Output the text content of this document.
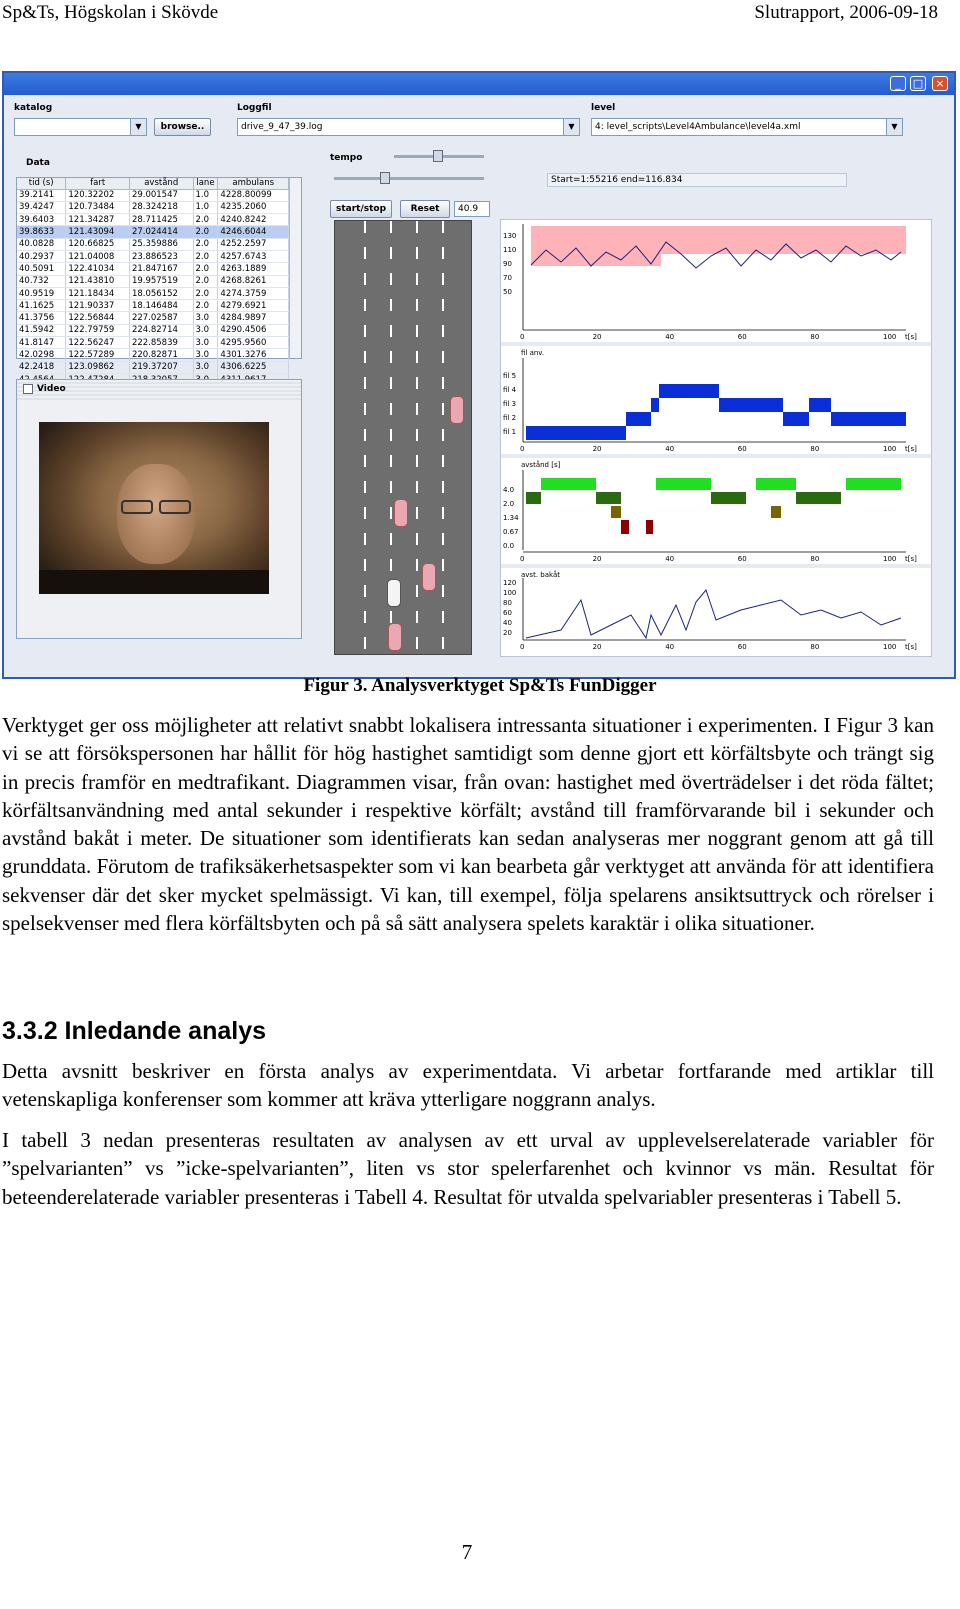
Sp&Ts, Högskolan i Skövde	Slutrapport, 2006-09-18
_	□	×
katalog
▼	browse..
Loggfil
drive_9_47_39.log	▼
level
4: level_scripts\Level4Ambulance\level4a.xml	▼
Data
tid (s)	fart	avstånd	lane	ambulans
39.2141	120.32202	29.001547	1.0	4228.80099
39.4247	120.73484	28.324218	1.0	4235.2060
39.6403	121.34287	28.711425	2.0	4240.8242
39.8633	121.43094	27.024414	2.0	4246.6044
40.0828	120.66825	25.359886	2.0	4252.2597
40.2937	121.04008	23.886523	2.0	4257.6743
40.5091	122.41034	21.847167	2.0	4263.1889
40.732	121.43810	19.957519	2.0	4268.8261
40.9519	121.18434	18.056152	2.0	4274.3759
41.1625	121.90337	18.146484	2.0	4279.6921
41.3756	122.56844	227.02587	3.0	4284.9897
41.5942	122.79759	224.82714	3.0	4290.4506
41.8147	122.56247	222.85839	3.0	4295.9560
42.0298	122.57289	220.82871	3.0	4301.3276
42.2418	123.09862	219.37207	3.0	4306.6225

tempo
Start=1:55216 end=116.834
start/stop	Reset	40.9
Video
130
110
90
70
50
0	20	40	60	80	100 t[s]
fil anv.
fil 5
fil 4
fil 3
fil 2
fil 1
0	20	40	60	80	100 t[s]
avstånd [s]
4.0
2.0
1.34
0.67
0.0
0	20	40	60	80	100 t[s]
avst. bakåt
120
100
80
60
40
20
0	20	40	60	80	100 t[s]
Figur 3. Analysverktyget Sp&Ts FunDigger
Verktyget ger oss möjligheter att relativt snabbt lokalisera intressanta situationer i experimenten. I Figur 3 kan vi se att försökspersonen har hållit för hög hastighet samtidigt som denne gjort ett körfältsbyte och trängt sig in precis framför en medtrafikant. Diagrammen visar, från ovan: hastighet med överträdelser i det röda fältet; körfältsanvändning med antal sekunder i respektive körfält; avstånd till framförvarande bil i sekunder och avstånd bakåt i meter. De situationer som identifierats kan sedan analyseras mer noggrant genom att gå till grunddata. Förutom de trafiksäkerhetsaspekter som vi kan bearbeta går verktyget att använda för att identifiera sekvenser där det sker mycket spelmässigt. Vi kan, till exempel, följa spelarens ansiktsuttryck och rörelser i spelsekvenser med flera körfältsbyten och på så sätt analysera spelets karaktär i olika situationer.
3.3.2 Inledande analys
Detta avsnitt beskriver en första analys av experimentdata. Vi arbetar fortfarande med artiklar till vetenskapliga konferenser som kommer att kräva ytterligare noggrann analys.
I tabell 3 nedan presenteras resultaten av analysen av ett urval av upplevelserelaterade variabler för ”spelvarianten” vs ”icke-spelvarianten”, liten vs stor spelerfarenhet och kvinnor vs män. Resultat för beteenderelaterade variabler presenteras i Tabell 4. Resultat för utvalda spelvariabler presenteras i Tabell 5.
7
